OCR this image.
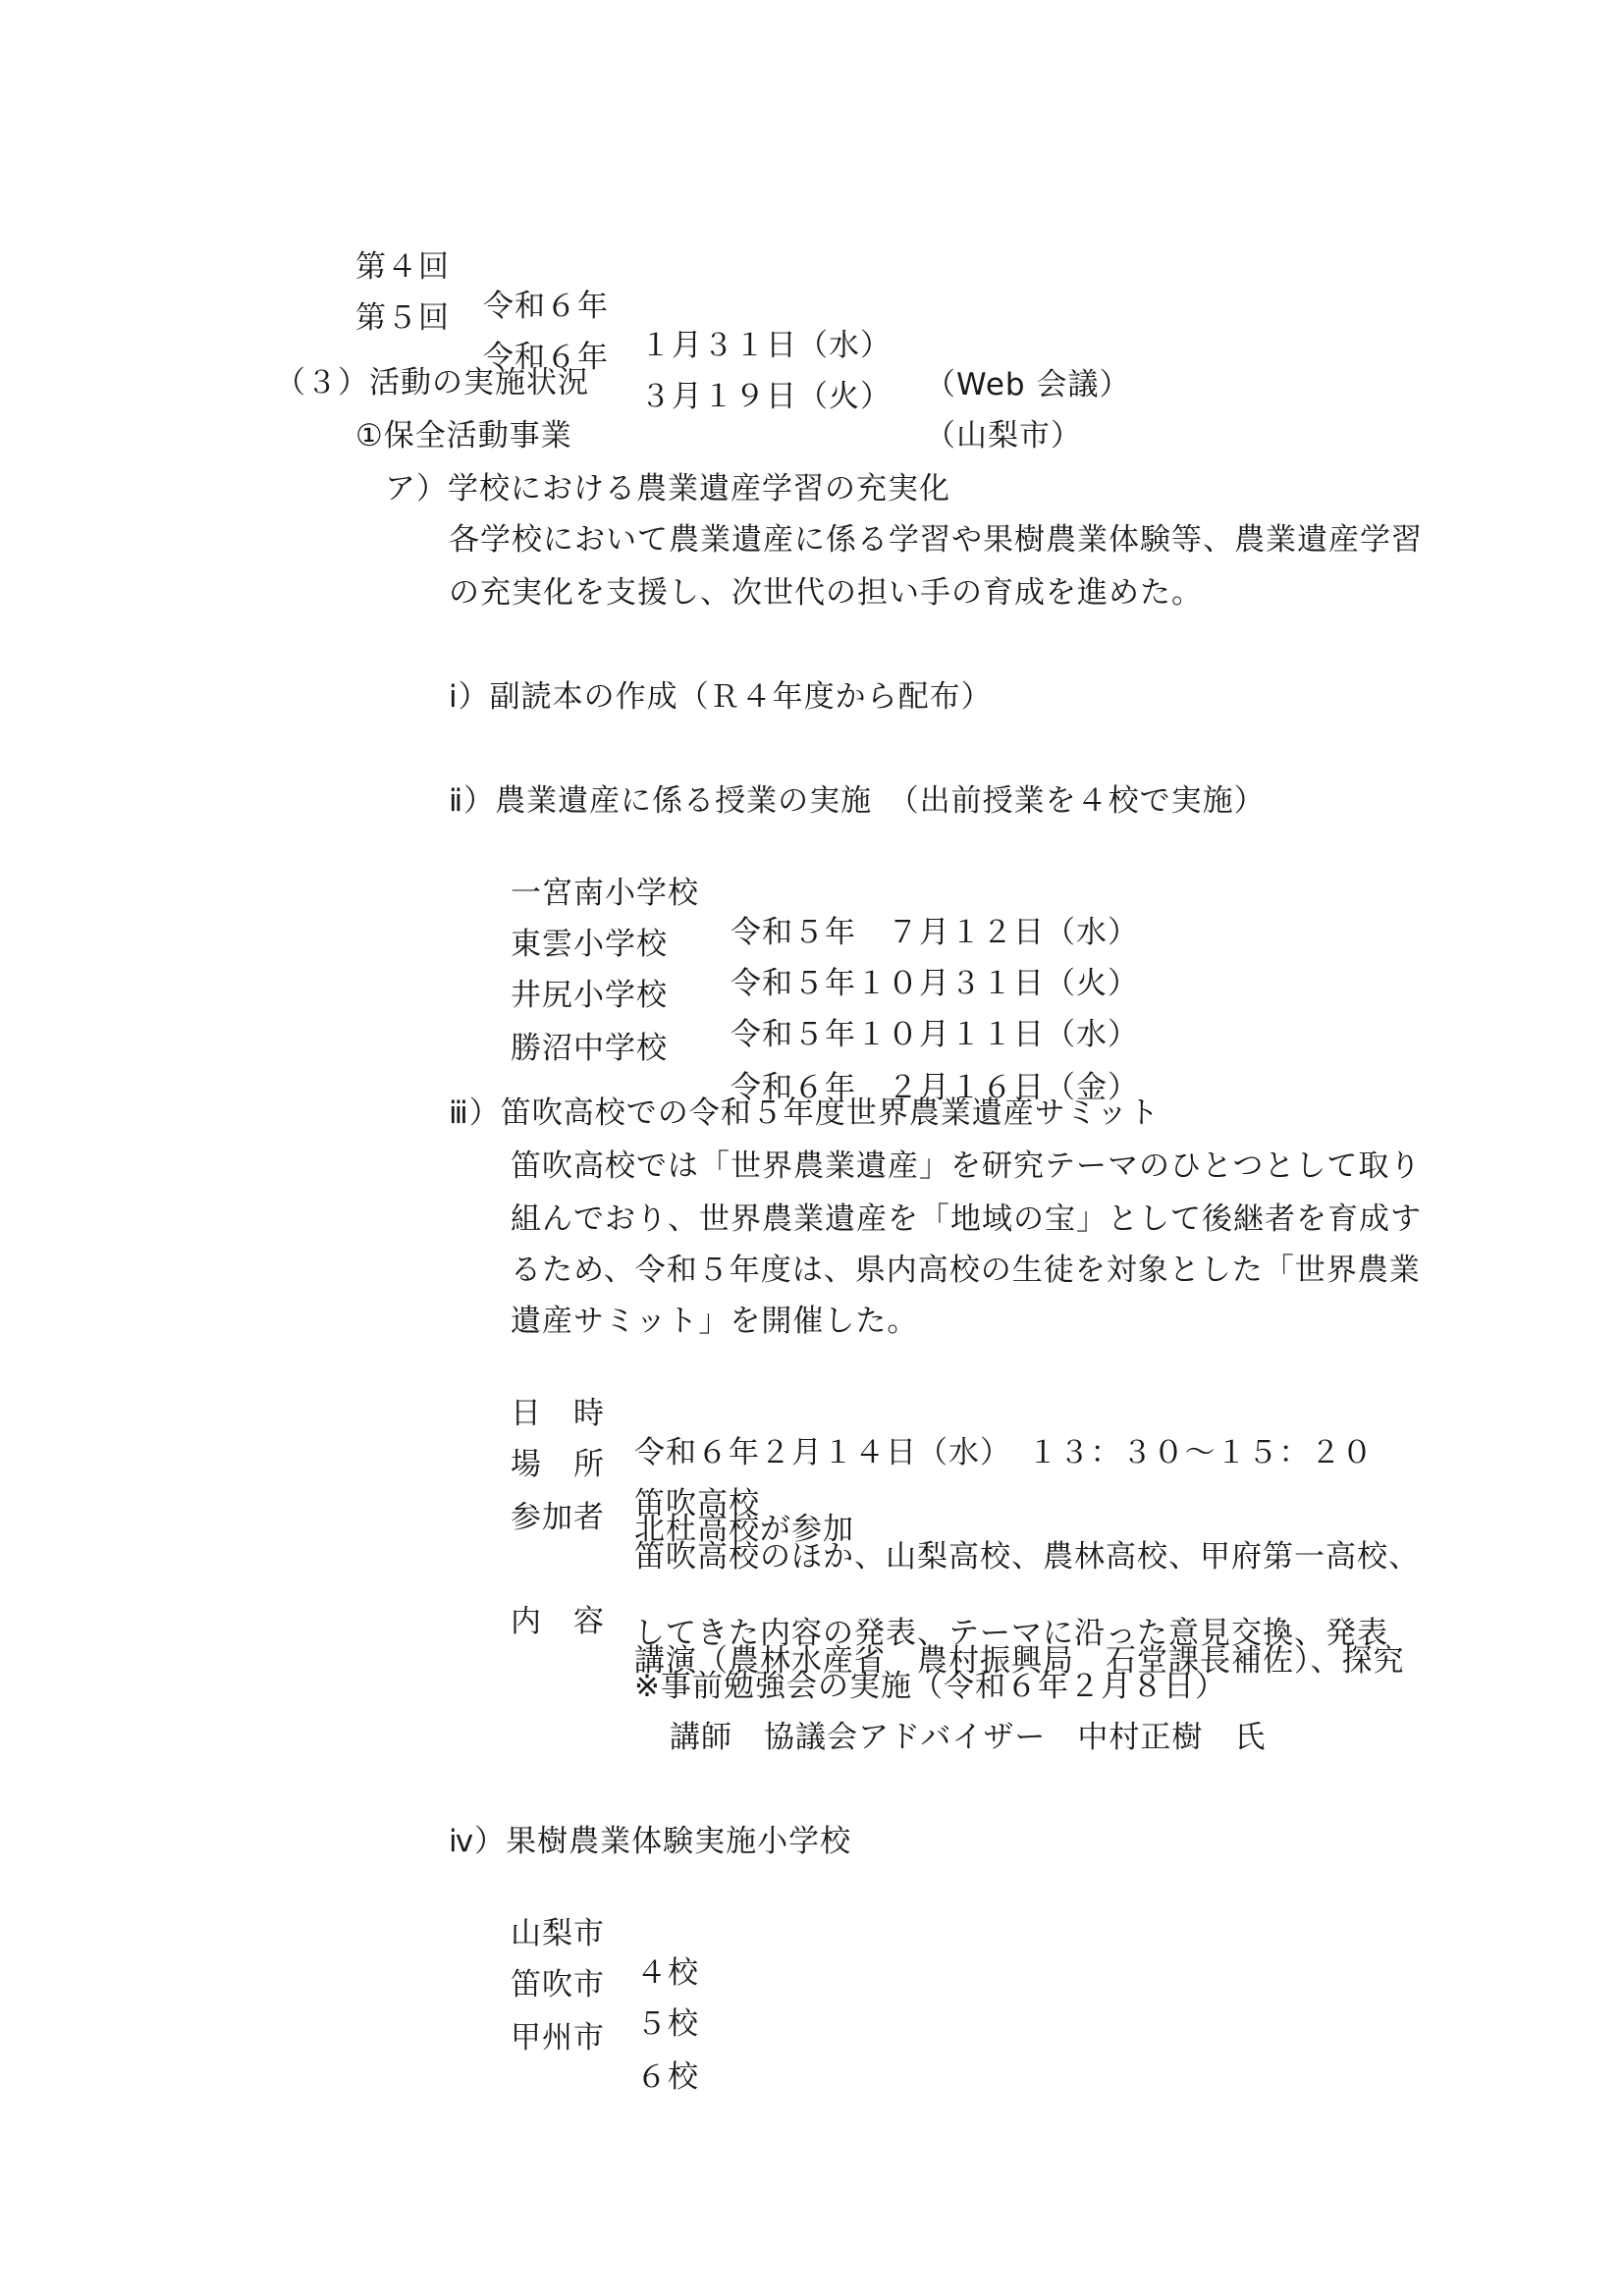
第４回

令和６年

１月３１日（水）

（Web 会議）

第５回

令和６年

３月１９日（火）

（山梨市）

（３）活動の実施状況
①保全活動事業
ア）学校における農業遺産学習の充実化
各学校において農業遺産に係る学習や果樹農業体験等、農業遺産学習
の充実化を支援し、次世代の担い手の育成を進めた。
ⅰ）副読本の作成（Ｒ４年度から配布）
ⅱ）農業遺産に係る授業の実施　（出前授業を４校で実施）

一宮南小学校

令和５年　７月１２日（水）

東雲小学校

令和５年１０月３１日（火）

井尻小学校

令和５年１０月１１日（水）

勝沼中学校

令和６年　２月１６日（金）

ⅲ）笛吹高校での令和５年度世界農業遺産サミット
笛吹高校では「世界農業遺産」を研究テーマのひとつとして取り
組んでおり、世界農業遺産を「地域の宝」として後継者を育成す
るため、令和５年度は、県内高校の生徒を対象とした「世界農業
遺産サミット」を開催した。

日　時

令和６年２月１４日（水）　１３：３０～１５：２０

場　所

笛吹高校

参加者

笛吹高校のほか、山梨高校、農林高校、甲府第一高校、

北杜高校が参加

内　容

講演（農林水産省　農村振興局　石堂課長補佐）、探究

してきた内容の発表、テーマに沿った意見交換、発表
※事前勉強会の実施（令和６年２月８日）
講師　協議会アドバイザー　中村正樹　氏
ⅳ）果樹農業体験実施小学校

山梨市

４校

笛吹市

５校

甲州市

６校
